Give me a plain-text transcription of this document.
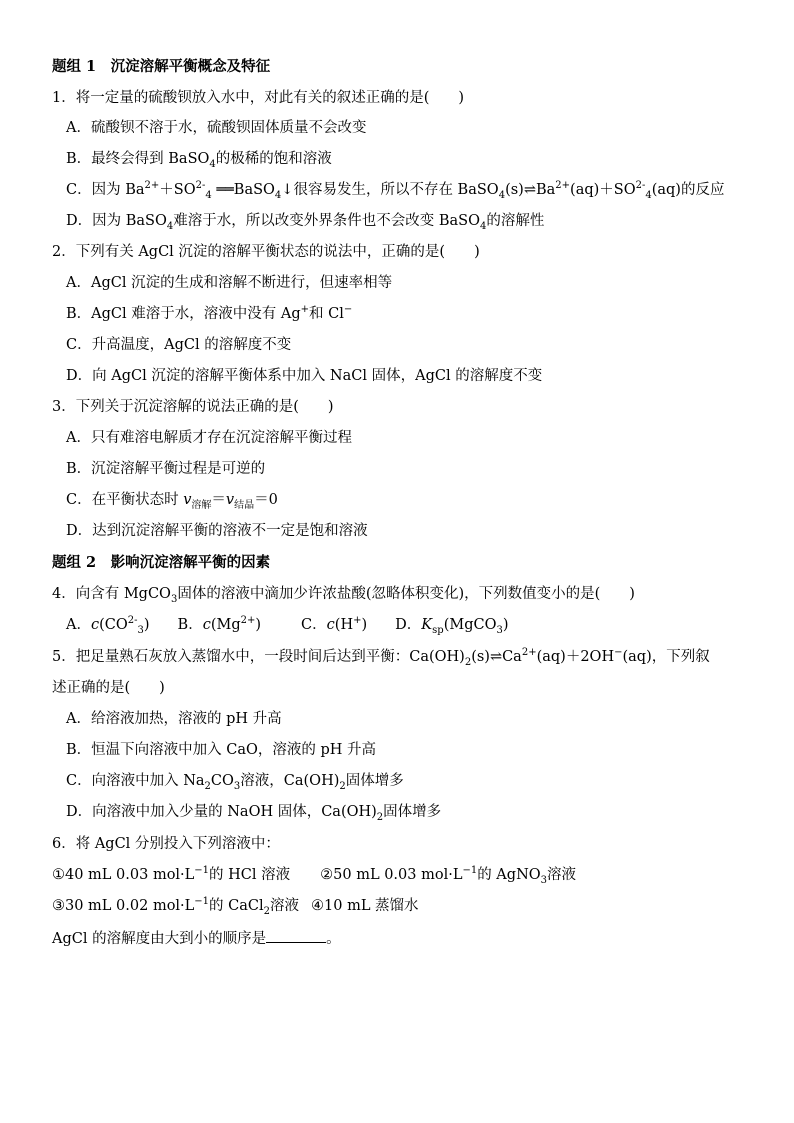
题组 1　沉淀溶解平衡概念及特征
1．将一定量的硫酸钡放入水中，对此有关的叙述正确的是(　　)
A．硫酸钡不溶于水，硫酸钡固体质量不会改变
B．最终会得到 BaSO$_4$的极稀的饱和溶液
C．因为 $Ba^{2+}+SO^{2-}_4$ ══BaSO$_4$↓很容易发生，所以不存在 $BaSO_4(s)\rightleftharpoons Ba^{2+}(aq)+SO^{2-}_4(aq)$的反应
D．因为 BaSO$_4$难溶于水，所以改变外界条件也不会改变 BaSO$_4$的溶解性
2．下列有关 AgCl 沉淀的溶解平衡状态的说法中，正确的是(　　)
A．AgCl 沉淀的生成和溶解不断进行，但速率相等
B．AgCl 难溶于水，溶液中没有 Ag+和 Cl−
C．升高温度，AgCl 的溶解度不变
D．向 AgCl 沉淀的溶解平衡体系中加入 NaCl 固体，AgCl 的溶解度不变
3．下列关于沉淀溶解的说法正确的是(　　)
A．只有难溶电解质才存在沉淀溶解平衡过程
B．沉淀溶解平衡过程是可逆的
C．在平衡状态时 $v_{溶解}=v_{结晶}=0$
D．达到沉淀溶解平衡的溶液不一定是饱和溶液
题组 2　影响沉淀溶解平衡的因素
4．向含有 MgCO$_3$固体的溶液中滴加少许浓盐酸(忽略体积变化)，下列数值变小的是(　　)
A．$c(CO^{2-}_3)$ B．$c(Mg^{2+})$	C．c(H+) D．$K_{sp}(MgCO_3)$
5．把足量熟石灰放入蒸馏水中，一段时间后达到平衡：$Ca(OH)_2(s)\rightleftharpoons Ca^{2+}(aq)+2OH^-(aq)$，下列叙
述正确的是(　　)
A．给溶液加热，溶液的 pH 升高
B．恒温下向溶液中加入 CaO，溶液的 pH 升高
C．向溶液中加入 $Na_2CO_3$溶液，$Ca(OH)_2$固体增多
D．向溶液中加入少量的 NaOH 固体，$Ca(OH)_2$固体增多
6．将 AgCl 分别投入下列溶液中：
①40 mL 0.03 $mol\cdot L^{-1}$的 HCl 溶液 ②50 mL 0.03 $mol\cdot L^{-1}$的 AgNO$_3$溶液
③30 mL 0.02 $mol\cdot L^{-1}$的 CaCl$_2$溶液 ④10 mL 蒸馏水
AgCl 的溶解度由大到小的顺序是	。
